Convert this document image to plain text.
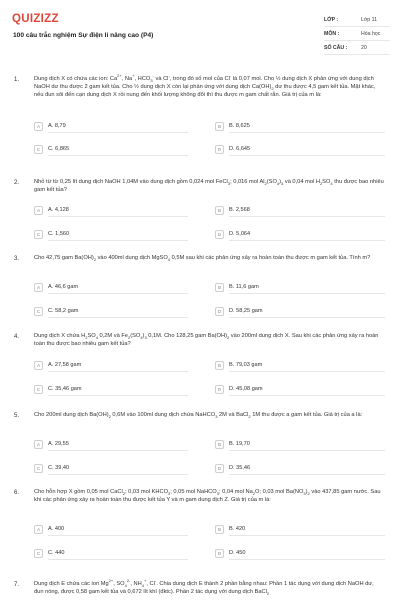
QUIZIZZ
100 câu trắc nghiệm Sự điện li nâng cao (P4)
LỚP :	Lớp 11
MÔN :	Hóa học
SỐ CÂU :	20
1.	Dung dịch X có chứa các ion: $Ca^{2+}$, Na+, $HCO_3^-$ và Cl-, trong đó số mol của Cl- là 0,07 mol. Cho ½ dung dịch X phản ứng với dung dịch NaOH dư thu được 2 gam kết tủa. Cho ½ dung dịch X còn lại phản ứng với dung dịch $Ca(OH)_2$ dư thu được 4,5 gam kết tủa. Mặt khác, nếu đun sôi đến cạn dung dịch X rồi nung đến khối lượng không đổi thì thu được m gam chất rắn. Giá trị của m là:
A	A. 8,79	B	B. 8,625
C	C. 6,865	D	D. 6,645
2.	Nhỏ từ từ 0,25 lít dung dịch NaOH 1,04M vào dung dịch gồm 0,024 mol FeCl$_3$; 0,016 mol $Al_2(SO_4)_3$ và 0,04 mol $H_2SO_4$ thu được bao nhiêu gam kết tủa?
A	A. 4,128	B	B. 2,568
C	C. 1,560	D	D. 5,064
3.	Cho 42,75 gam $Ba(OH)_2$ vào 400ml dung dịch MgSO$_4$ 0,5M sau khi các phản ứng xảy ra hoàn toàn thu được m gam kết tủa. Tính m?
A	A. 46,6 gam	B	B. 11,6 gam
C	C. 58,2 gam	D	D. 58,25 gam
4.	Dung dịch X chứa $H_2SO_4$ 0,2M và $Fe_2(SO_4)_3$ 0,1M. Cho 128,25 gam $Ba(OH)_2$ vào 200ml dung dịch X. Sau khi các phản ứng xảy ra hoàn toàn thu được bao nhiêu gam kết tủa?
A	A. 27,58 gam	B	B. 79,03 gam
C	C. 35,46 gam	D	D. 45,08 gam
5.	Cho 200ml dung dịch $Ba(OH)_2$ 0,6M vào 100ml dung dịch chứa NaHCO$_3$ 2M và BaCl$_2$ 1M thu được a gam kết tủa. Giá trị của a là:
A	A. 29,55	B	B. 19,70
C	C. 39,40	D	D. 35,46
6.	Cho hỗn hợp X gồm 0,05 mol CaCl$_2$; 0,03 mol $KHCO_3$; 0,05 mol NaHCO$_3$; 0,04 mol $Na_2O$; 0,03 mol $Ba(NO_3)_2$ vào 437,85 gam nước. Sau khi các phản ứng xảy ra hoàn toàn thu được kết tủa Y và m gam dung dịch Z. Giá trị của m là:
A	A. 400	B	B. 420
C	C. 440	D	D. 450
7.	Dung dịch E chứa các ion $Mg^{2+}$, $SO_4^{2-}$, $NH_4^+$, Cl-. Chia dung dịch E thành 2 phần bằng nhau: Phần 1 tác dụng với dung dịch NaOH dư, đun nóng, được 0,58 gam kết tủa và 0,672 lít khí (đktc). Phần 2 tác dụng với dung dịch BaCl$_2$
